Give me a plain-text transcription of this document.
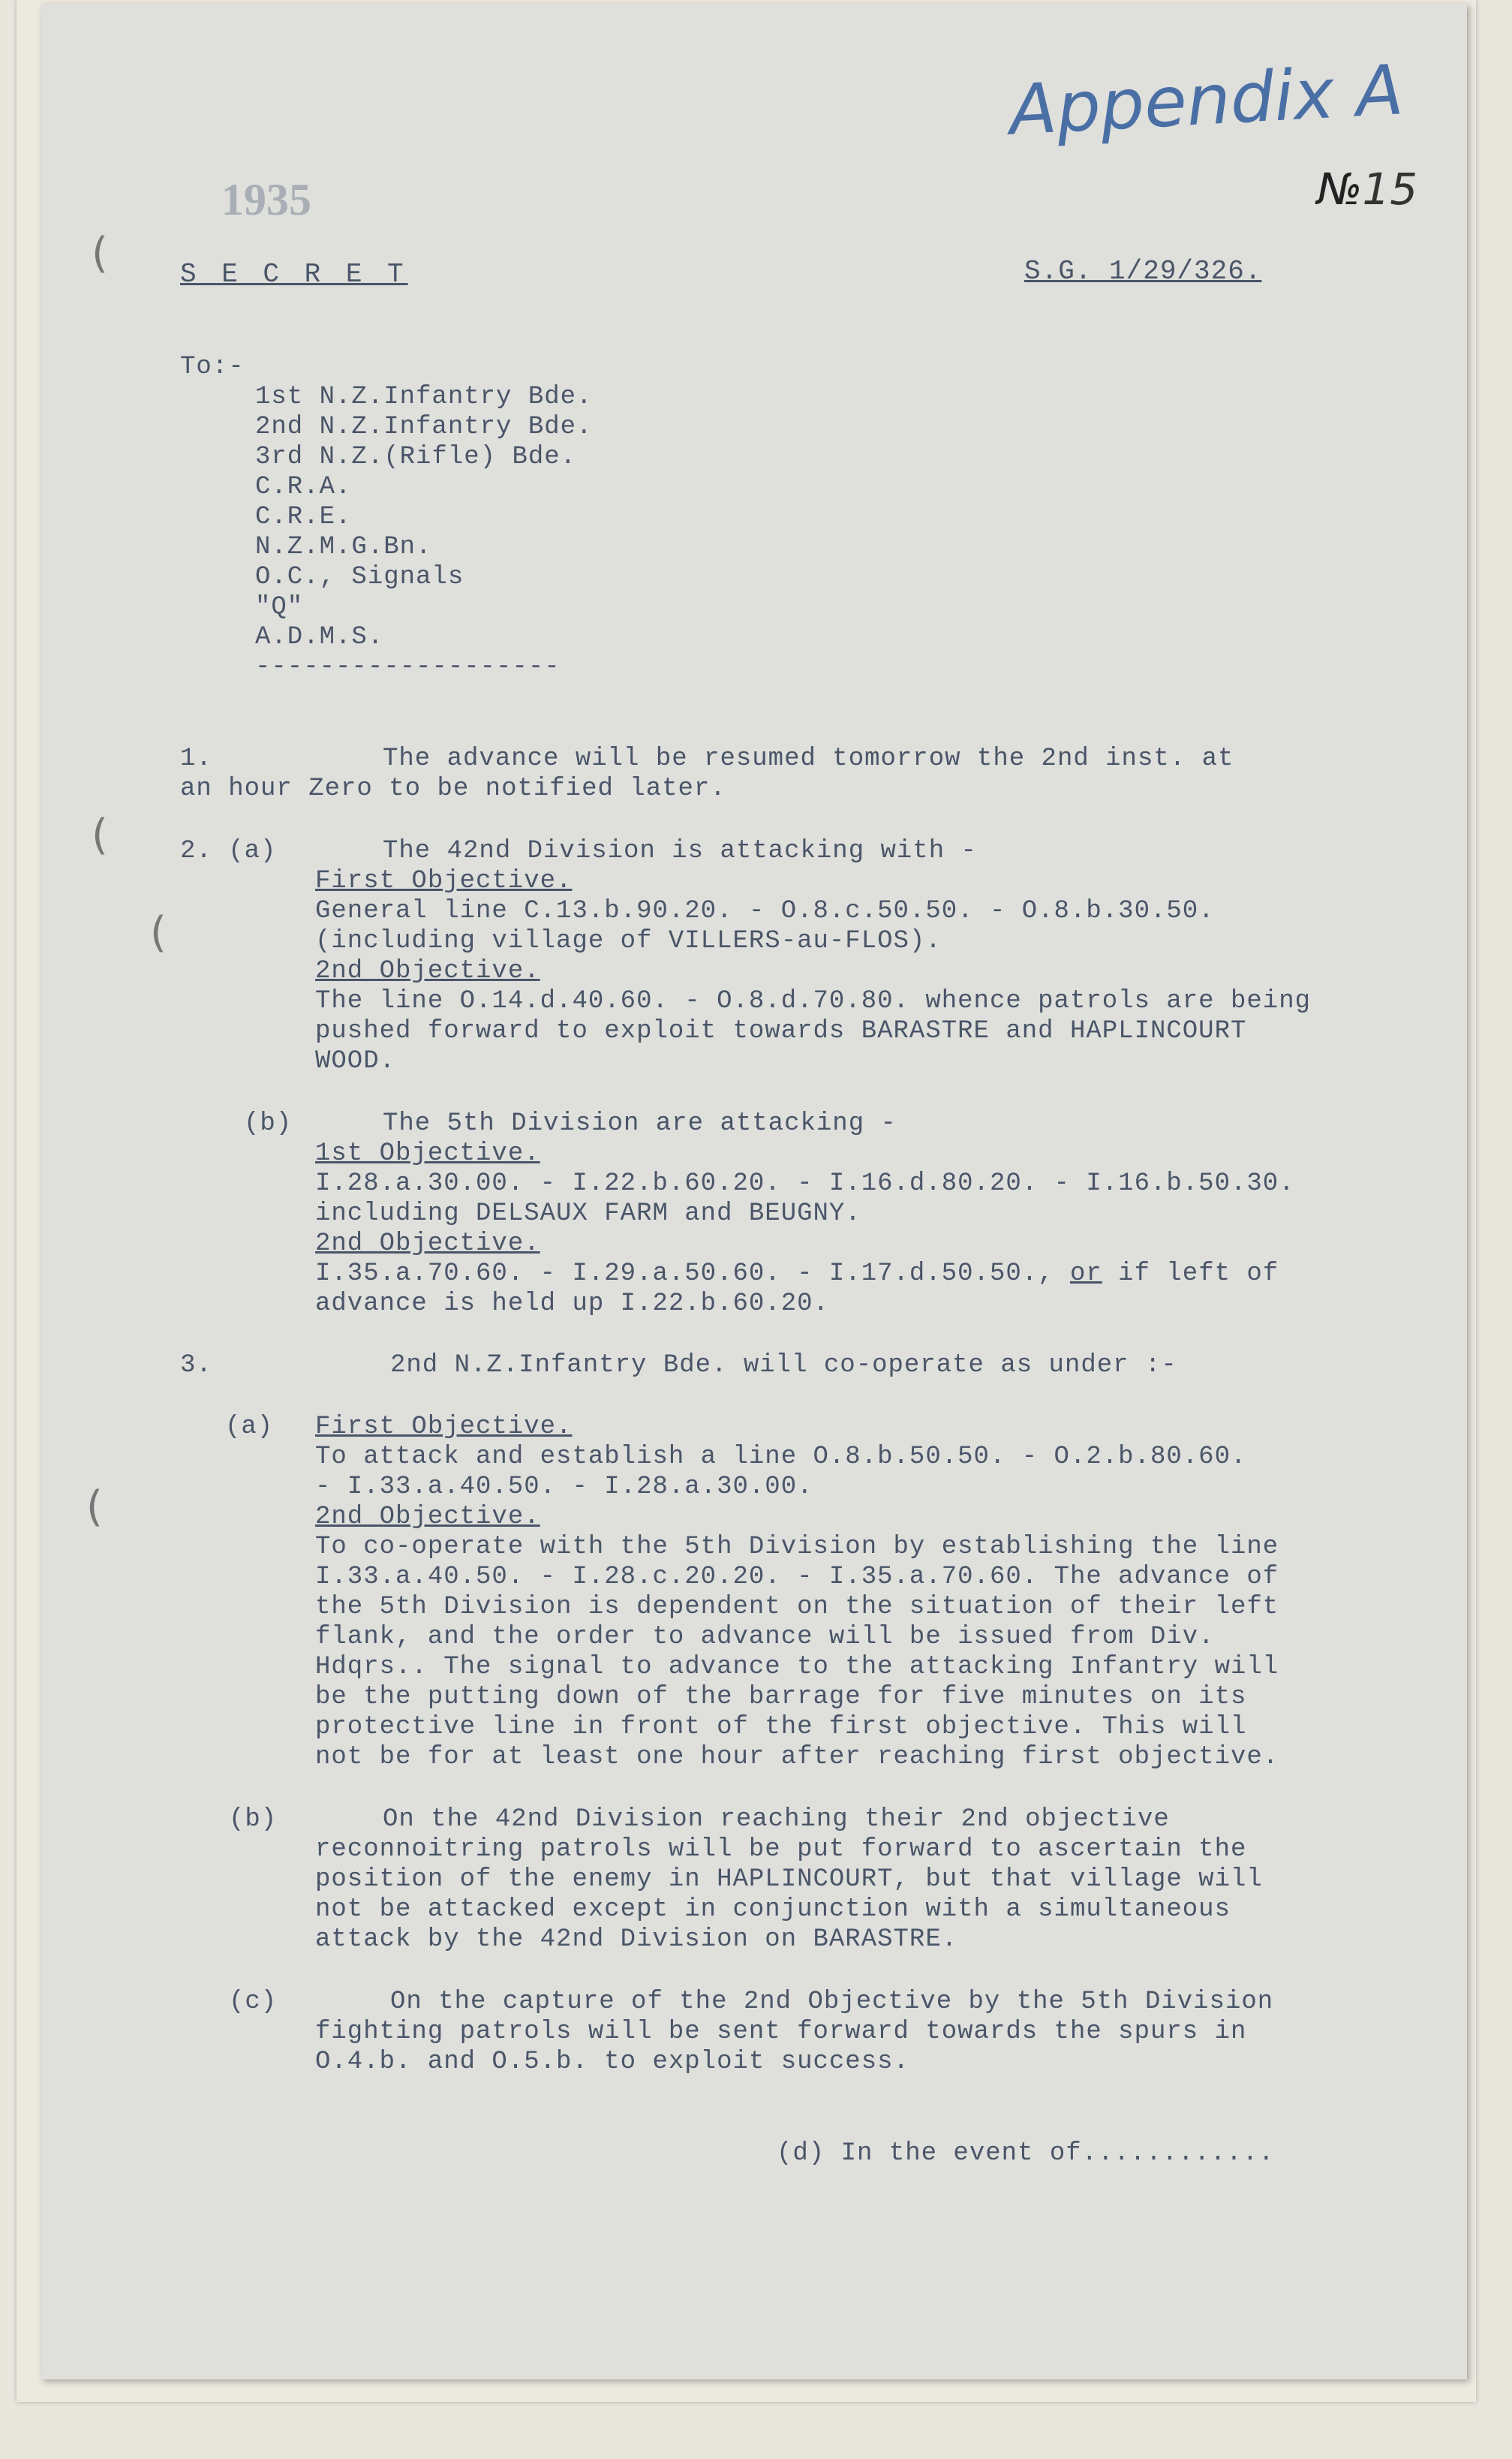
Appendix A
№15
1935
(
(
(
(
S E C R E T	S.G. 1/29/326.
To:-
1st N.Z.Infantry Bde.
2nd N.Z.Infantry Bde.
3rd N.Z.(Rifle) Bde.
C.R.A.
C.R.E.
N.Z.M.G.Bn.
O.C., Signals
"Q"
A.D.M.S.
-------------------
1.	The advance will be resumed tomorrow the 2nd inst. at
an hour Zero to be notified later.
2. (a)	The 42nd Division is attacking with -
First Objective.
General line C.13.b.90.20. - O.8.c.50.50. - O.8.b.30.50.
(including village of VILLERS-au-FLOS).
2nd Objective.
The line O.14.d.40.60. - O.8.d.70.80. whence patrols are being
pushed forward to exploit towards BARASTRE and HAPLINCOURT
WOOD.
(b)	The 5th Division are attacking -
1st Objective.
I.28.a.30.00. - I.22.b.60.20. - I.16.d.80.20. - I.16.b.50.30.
including DELSAUX FARM and BEUGNY.
2nd Objective.
I.35.a.70.60. - I.29.a.50.60. - I.17.d.50.50., or if left of
advance is held up I.22.b.60.20.
3.	2nd N.Z.Infantry Bde. will co-operate as under :-
(a) First Objective.
To attack and establish a line O.8.b.50.50. - O.2.b.80.60.
- I.33.a.40.50. - I.28.a.30.00.
2nd Objective.
To co-operate with the 5th Division by establishing the line
I.33.a.40.50. - I.28.c.20.20. - I.35.a.70.60. The advance of
the 5th Division is dependent on the situation of their left
flank, and the order to advance will be issued from Div.
Hdqrs.. The signal to advance to the attacking Infantry will
be the putting down of the barrage for five minutes on its
protective line in front of the first objective. This will
not be for at least one hour after reaching first objective.
(b)	On the 42nd Division reaching their 2nd objective
reconnoitring patrols will be put forward to ascertain the
position of the enemy in HAPLINCOURT, but that village will
not be attacked except in conjunction with a simultaneous
attack by the 42nd Division on BARASTRE.
(c)	On the capture of the 2nd Objective by the 5th Division
fighting patrols will be sent forward towards the spurs in
O.4.b. and O.5.b. to exploit success.
(d) In the event of............
